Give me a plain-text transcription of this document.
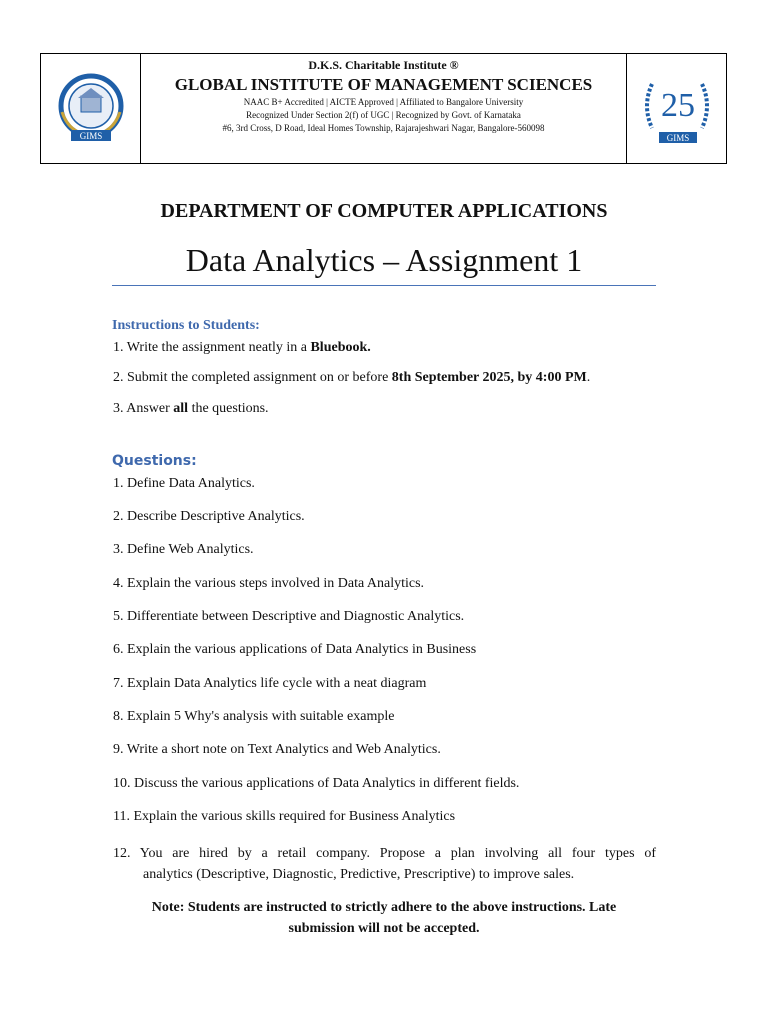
GIMS
D.K.S. Charitable Institute ®
GLOBAL INSTITUTE OF MANAGEMENT SCIENCES
NAAC B+ Accredited | AICTE Approved | Affiliated to Bangalore University
Recognized Under Section 2(f) of UGC | Recognized by Govt. of Karnataka
#6, 3rd Cross, D Road, Ideal Homes Township, Rajarajeshwari Nagar, Bangalore-560098
25
GIMS
DEPARTMENT OF COMPUTER APPLICATIONS
Data Analytics – Assignment 1
Instructions to Students:
1. Write the assignment neatly in a Bluebook.
2. Submit the completed assignment on or before 8th September 2025, by 4:00 PM.
3. Answer all the questions.
Questions:
1. Define Data Analytics.
2. Describe Descriptive Analytics.
3. Define Web Analytics.
4. Explain the various steps involved in Data Analytics.
5. Differentiate between Descriptive and Diagnostic Analytics.
6. Explain the various applications of Data Analytics in Business
7. Explain Data Analytics life cycle with a neat diagram
8. Explain 5 Why's analysis with suitable example
9. Write a short note on Text Analytics and Web Analytics.
10. Discuss the various applications of Data Analytics in different fields.
11. Explain the various skills required for Business Analytics
12. You are hired by a retail company. Propose a plan involving all four types of
analytics (Descriptive, Diagnostic, Predictive, Prescriptive) to improve sales.
Note: Students are instructed to strictly adhere to the above instructions. Late
submission will not be accepted.
